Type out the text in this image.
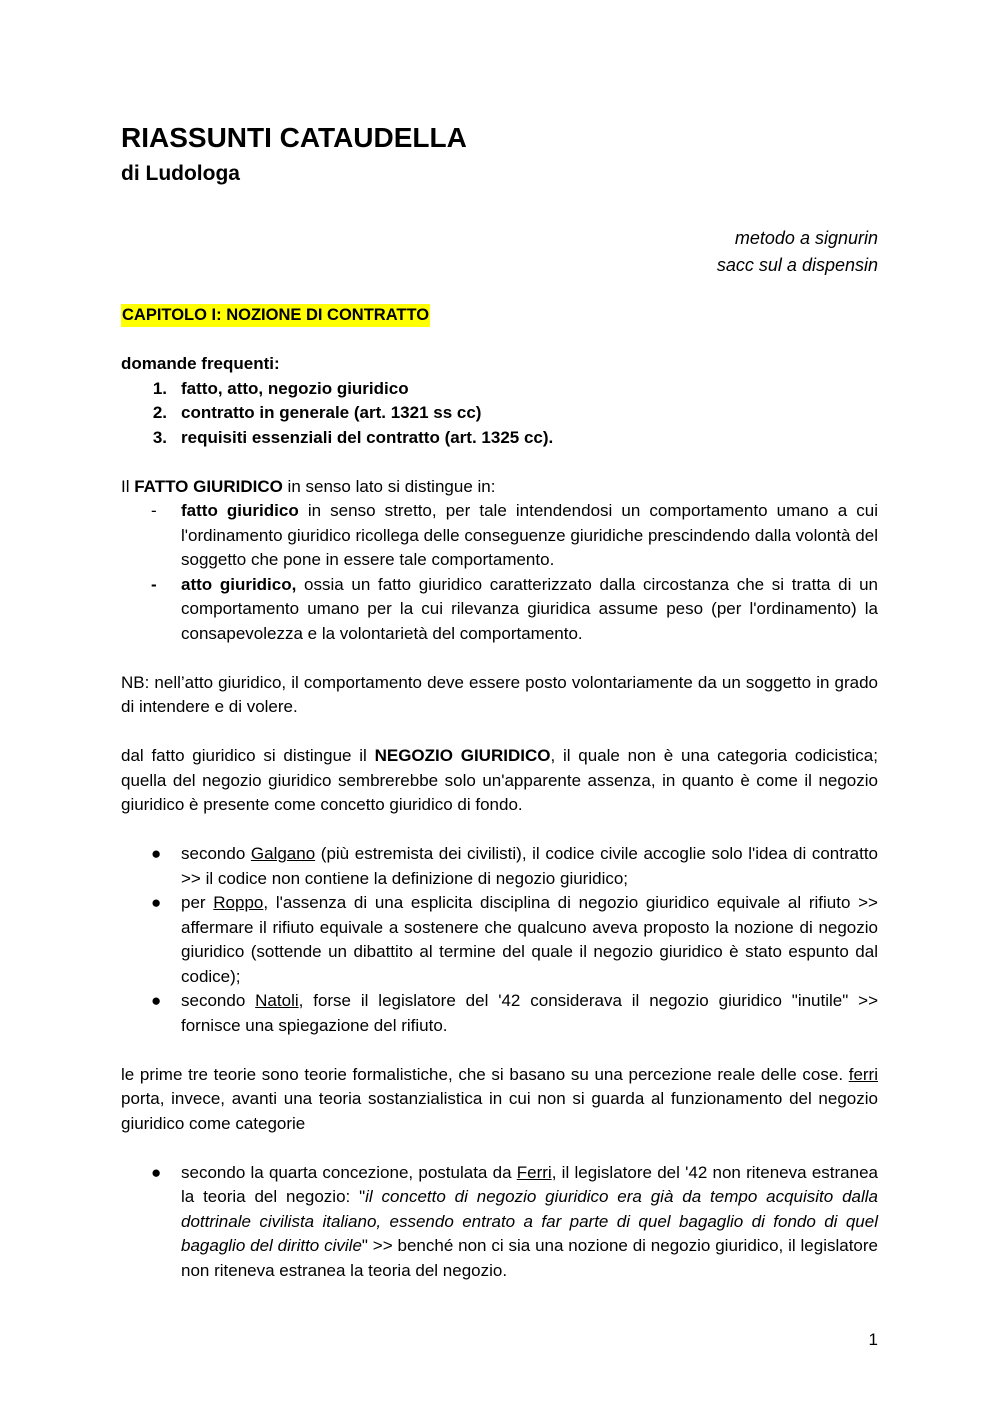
RIASSUNTI CATAUDELLA
di Ludologa
metodo a signurin
sacc sul a dispensin
CAPITOLO I: NOZIONE DI CONTRATTO

domande frequenti:

1. fatto, atto, negozio giuridico
2. contratto in generale (art. 1321 ss cc)
3. requisiti essenziali del contratto (art. 1325 cc).

Il FATTO GIURIDICO in senso lato si distingue in:

- fatto giuridico in senso stretto, per tale intendendosi un comportamento umano a cui l'ordinamento giuridico ricollega delle conseguenze giuridiche prescindendo dalla volontà del soggetto che pone in essere tale comportamento.
- atto giuridico, ossia un fatto giuridico caratterizzato dalla circostanza che si tratta di un comportamento umano per la cui rilevanza giuridica assume peso (per l'ordinamento) la consapevolezza e la volontarietà del comportamento.

NB: nell’atto giuridico, il comportamento deve essere posto volontariamente da un soggetto in grado di intendere e di volere.

dal fatto giuridico si distingue il NEGOZIO GIURIDICO, il quale non è una categoria codicistica; quella del negozio giuridico sembrerebbe solo un'apparente assenza, in quanto è come il negozio giuridico è presente come concetto giuridico di fondo.

● secondo Galgano (più estremista dei civilisti), il codice civile accoglie solo l'idea di contratto >> il codice non contiene la definizione di negozio giuridico;
● per Roppo, l'assenza di una esplicita disciplina di negozio giuridico equivale al rifiuto >> affermare il rifiuto equivale a sostenere che qualcuno aveva proposto la nozione di negozio giuridico (sottende un dibattito al termine del quale il negozio giuridico è stato espunto dal codice);
● secondo Natoli, forse il legislatore del '42 considerava il negozio giuridico "inutile" >> fornisce una spiegazione del rifiuto.

le prime tre teorie sono teorie formalistiche, che si basano su una percezione reale delle cose. ferri porta, invece, avanti una teoria sostanzialistica in cui non si guarda al funzionamento del negozio giuridico come categorie

● secondo la quarta concezione, postulata da Ferri, il legislatore del '42 non riteneva estranea la teoria del negozio: "il concetto di negozio giuridico era già da tempo acquisito dalla dottrinale civilista italiano, essendo entrato a far parte di quel bagaglio di fondo di quel bagaglio del diritto civile" >> benché non ci sia una nozione di negozio giuridico, il legislatore non riteneva estranea la teoria del negozio.
1
